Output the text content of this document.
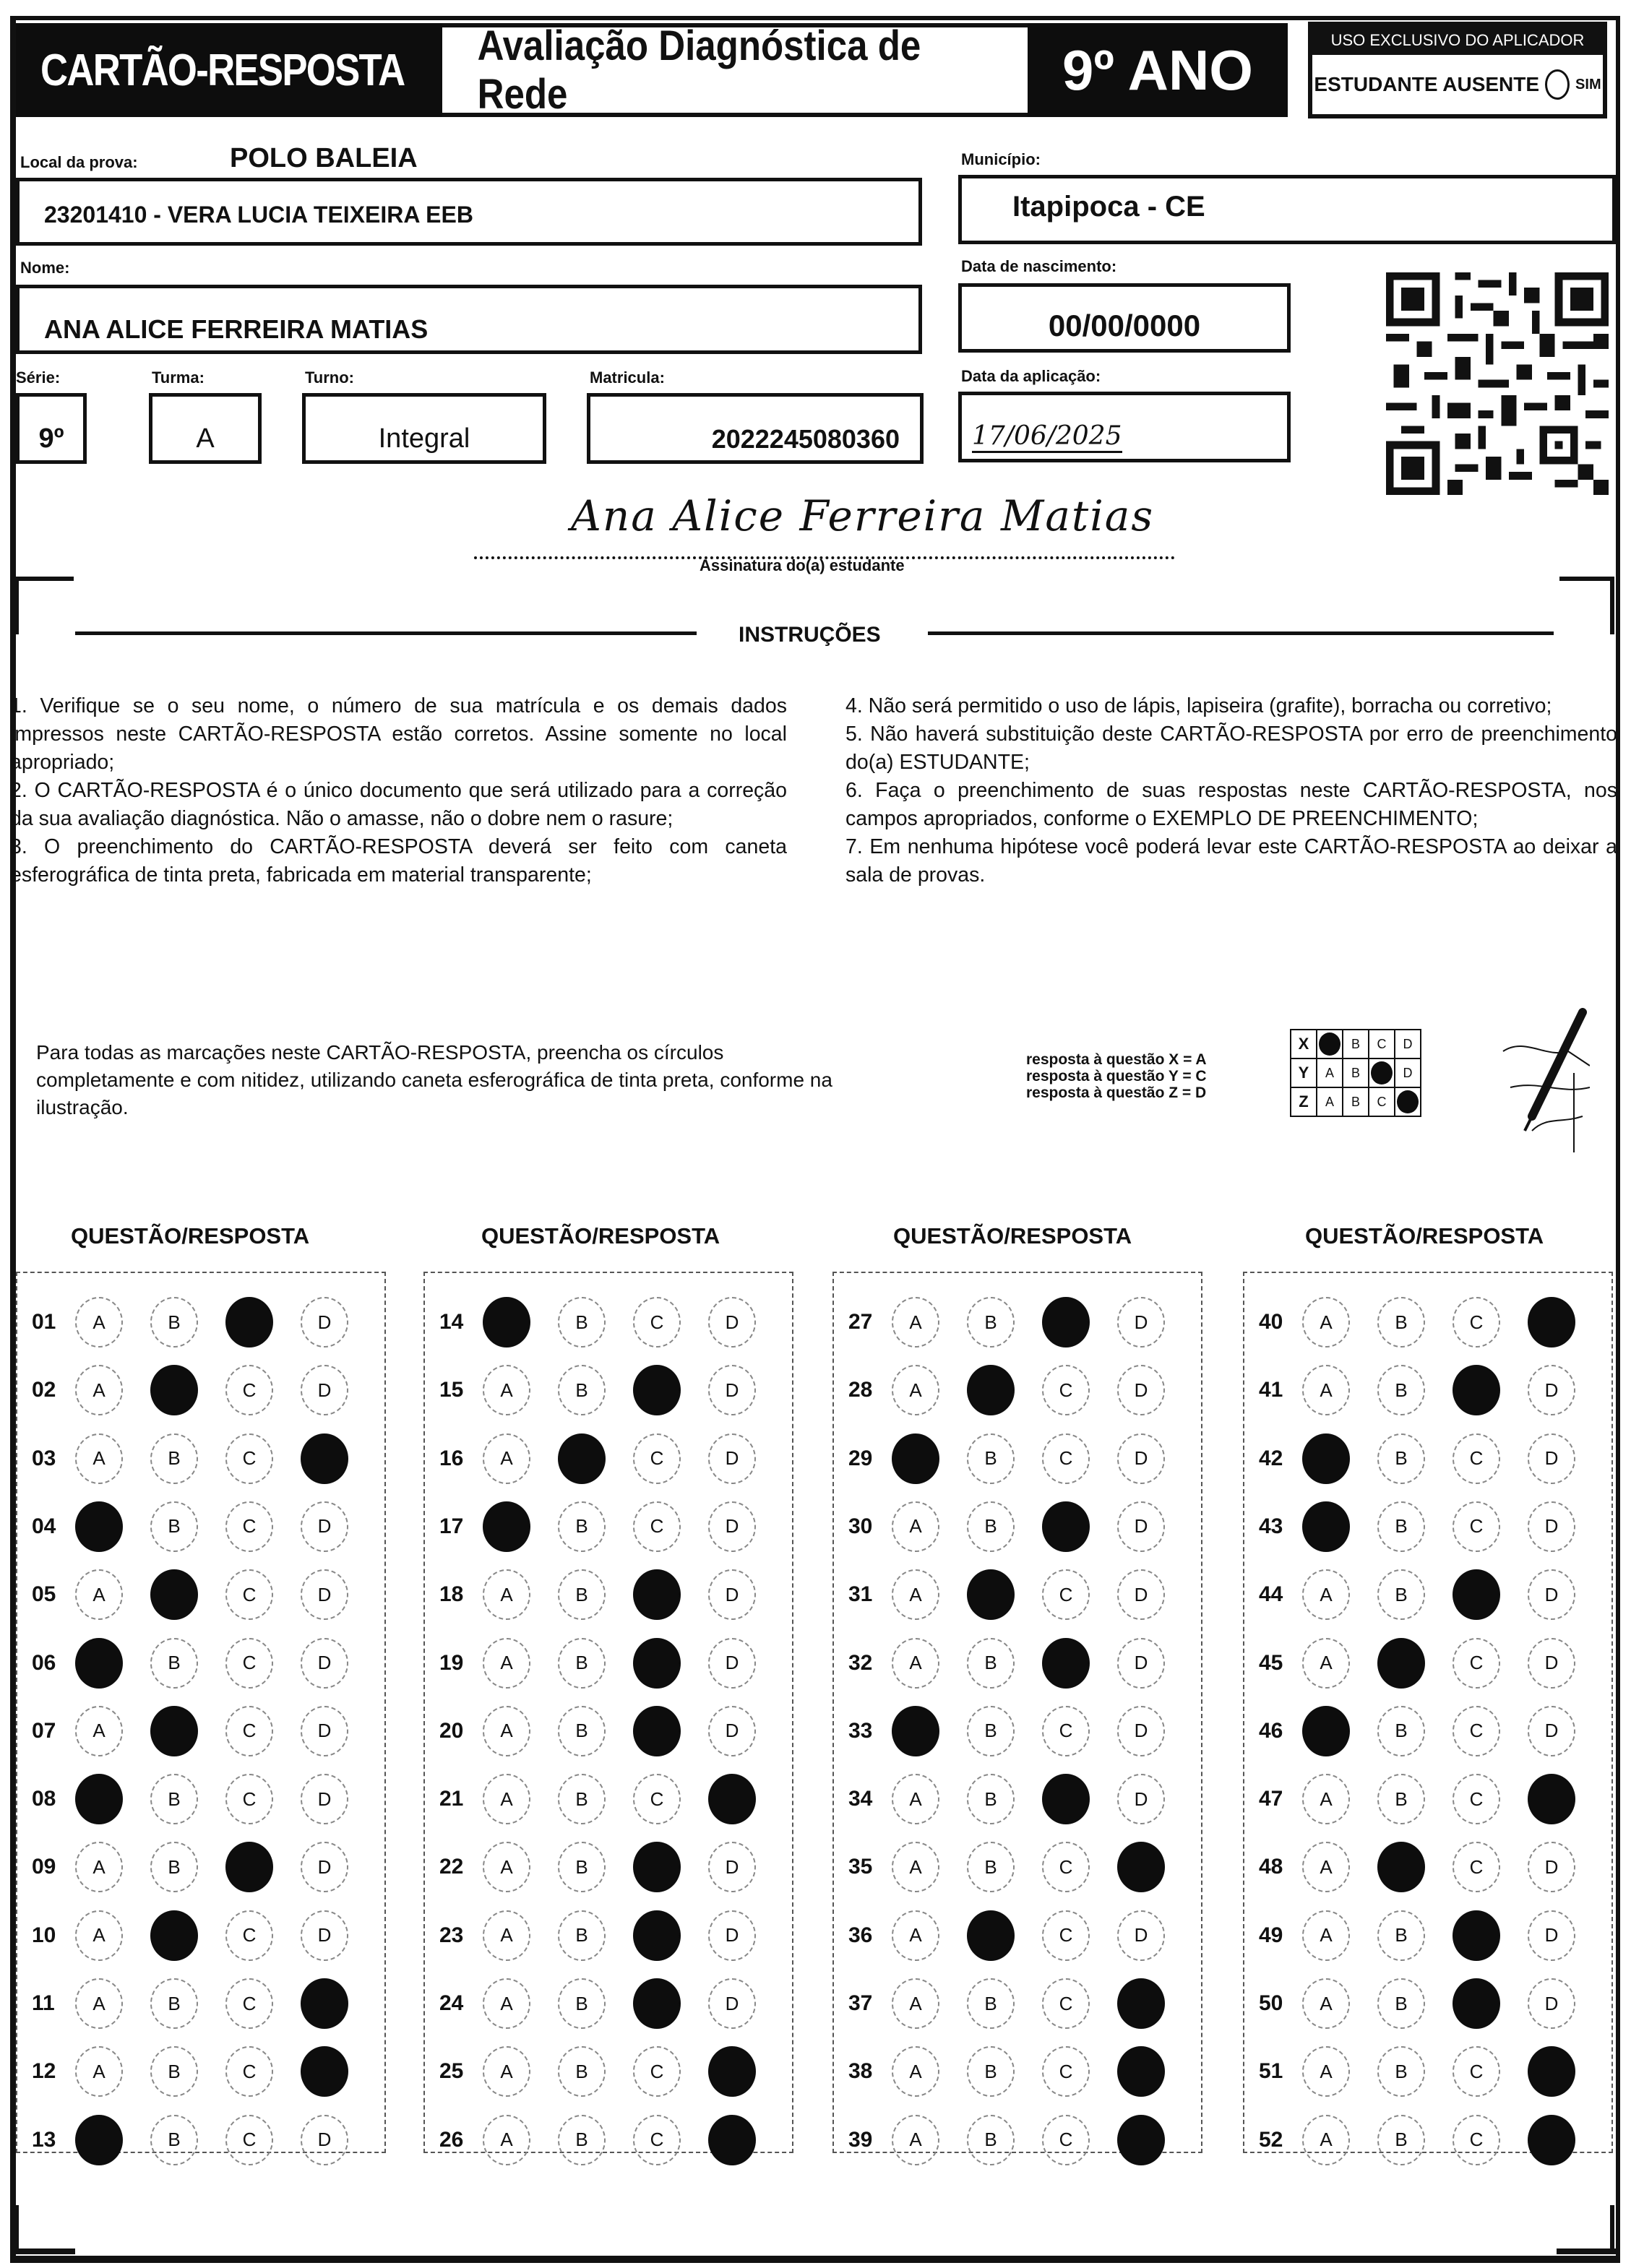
CARTÃO-RESPOSTA	Avaliação Diagnóstica de Rede	9º ANO	USO EXCLUSIVO DO APLICADOR
ESTUDANTE AUSENTE	SIM
Local da prova:	POLO BALEIA
23201410 - VERA LUCIA TEIXEIRA EEB
Município:
Itapipoca - CE
Nome:
ANA ALICE FERREIRA MATIAS
Data de nascimento:
00/00/0000
Série:
9º
Turma:
A
Turno:
Integral
Matricula:
2022245080360
Data da aplicação:
17/06/2025
Ana Alice Ferreira Matias
Assinatura do(a) estudante
INSTRUÇÕES

1. Verifique se o seu nome, o número de sua matrícula e os demais dados impressos neste CARTÃO-RESPOSTA estão corretos. Assine somente no local apropriado;

2. O CARTÃO-RESPOSTA é o único documento que será utilizado para a correção da sua avaliação diagnóstica. Não o amasse, não o dobre nem o rasure;

3. O preenchimento do CARTÃO-RESPOSTA deverá ser feito com caneta esferográfica de tinta preta, fabricada em material transparente;

4. Não será permitido o uso de lápis, lapiseira (grafite), borracha ou corretivo;

5. Não haverá substituição deste CARTÃO-RESPOSTA por erro de preenchimento do(a) ESTUDANTE;

6. Faça o preenchimento de suas respostas neste CARTÃO-RESPOSTA, nos campos apropriados, conforme o EXEMPLO DE PREENCHIMENTO;

7. Em nenhuma hipótese você poderá levar este CARTÃO-RESPOSTA ao deixar a sala de provas.

Para todas as marcações neste CARTÃO-RESPOSTA, preencha os círculos completamente e com nitidez, utilizando caneta esferográfica de tinta preta, conforme na ilustração.
resposta à questão X = A
resposta à questão Y = C
resposta à questão Z = D
X		B	C	D
Y	A	B		D
Z	A	B	C	
QUESTÃO/RESPOSTA
01	A	B	D
02	A	C	D
03	A	B	C
04	B	C	D
05	A	C	D
06	B	C	D
07	A	C	D
08	B	C	D
09	A	B	D
10	A	C	D
11	A	B	C
12	A	B	C
13	B	C	D
QUESTÃO/RESPOSTA
14	B	C	D
15	A	B	D
16	A	C	D
17	B	C	D
18	A	B	D
19	A	B	D
20	A	B	D
21	A	B	C
22	A	B	D
23	A	B	D
24	A	B	D
25	A	B	C
26	A	B	C
QUESTÃO/RESPOSTA
27	A	B	D
28	A	C	D
29	B	C	D
30	A	B	D
31	A	C	D
32	A	B	D
33	B	C	D
34	A	B	D
35	A	B	C
36	A	C	D
37	A	B	C
38	A	B	C
39	A	B	C
QUESTÃO/RESPOSTA
40	A	B	C
41	A	B	D
42	B	C	D
43	B	C	D
44	A	B	D
45	A	C	D
46	B	C	D
47	A	B	C
48	A	C	D
49	A	B	D
50	A	B	D
51	A	B	C
52	A	B	C
